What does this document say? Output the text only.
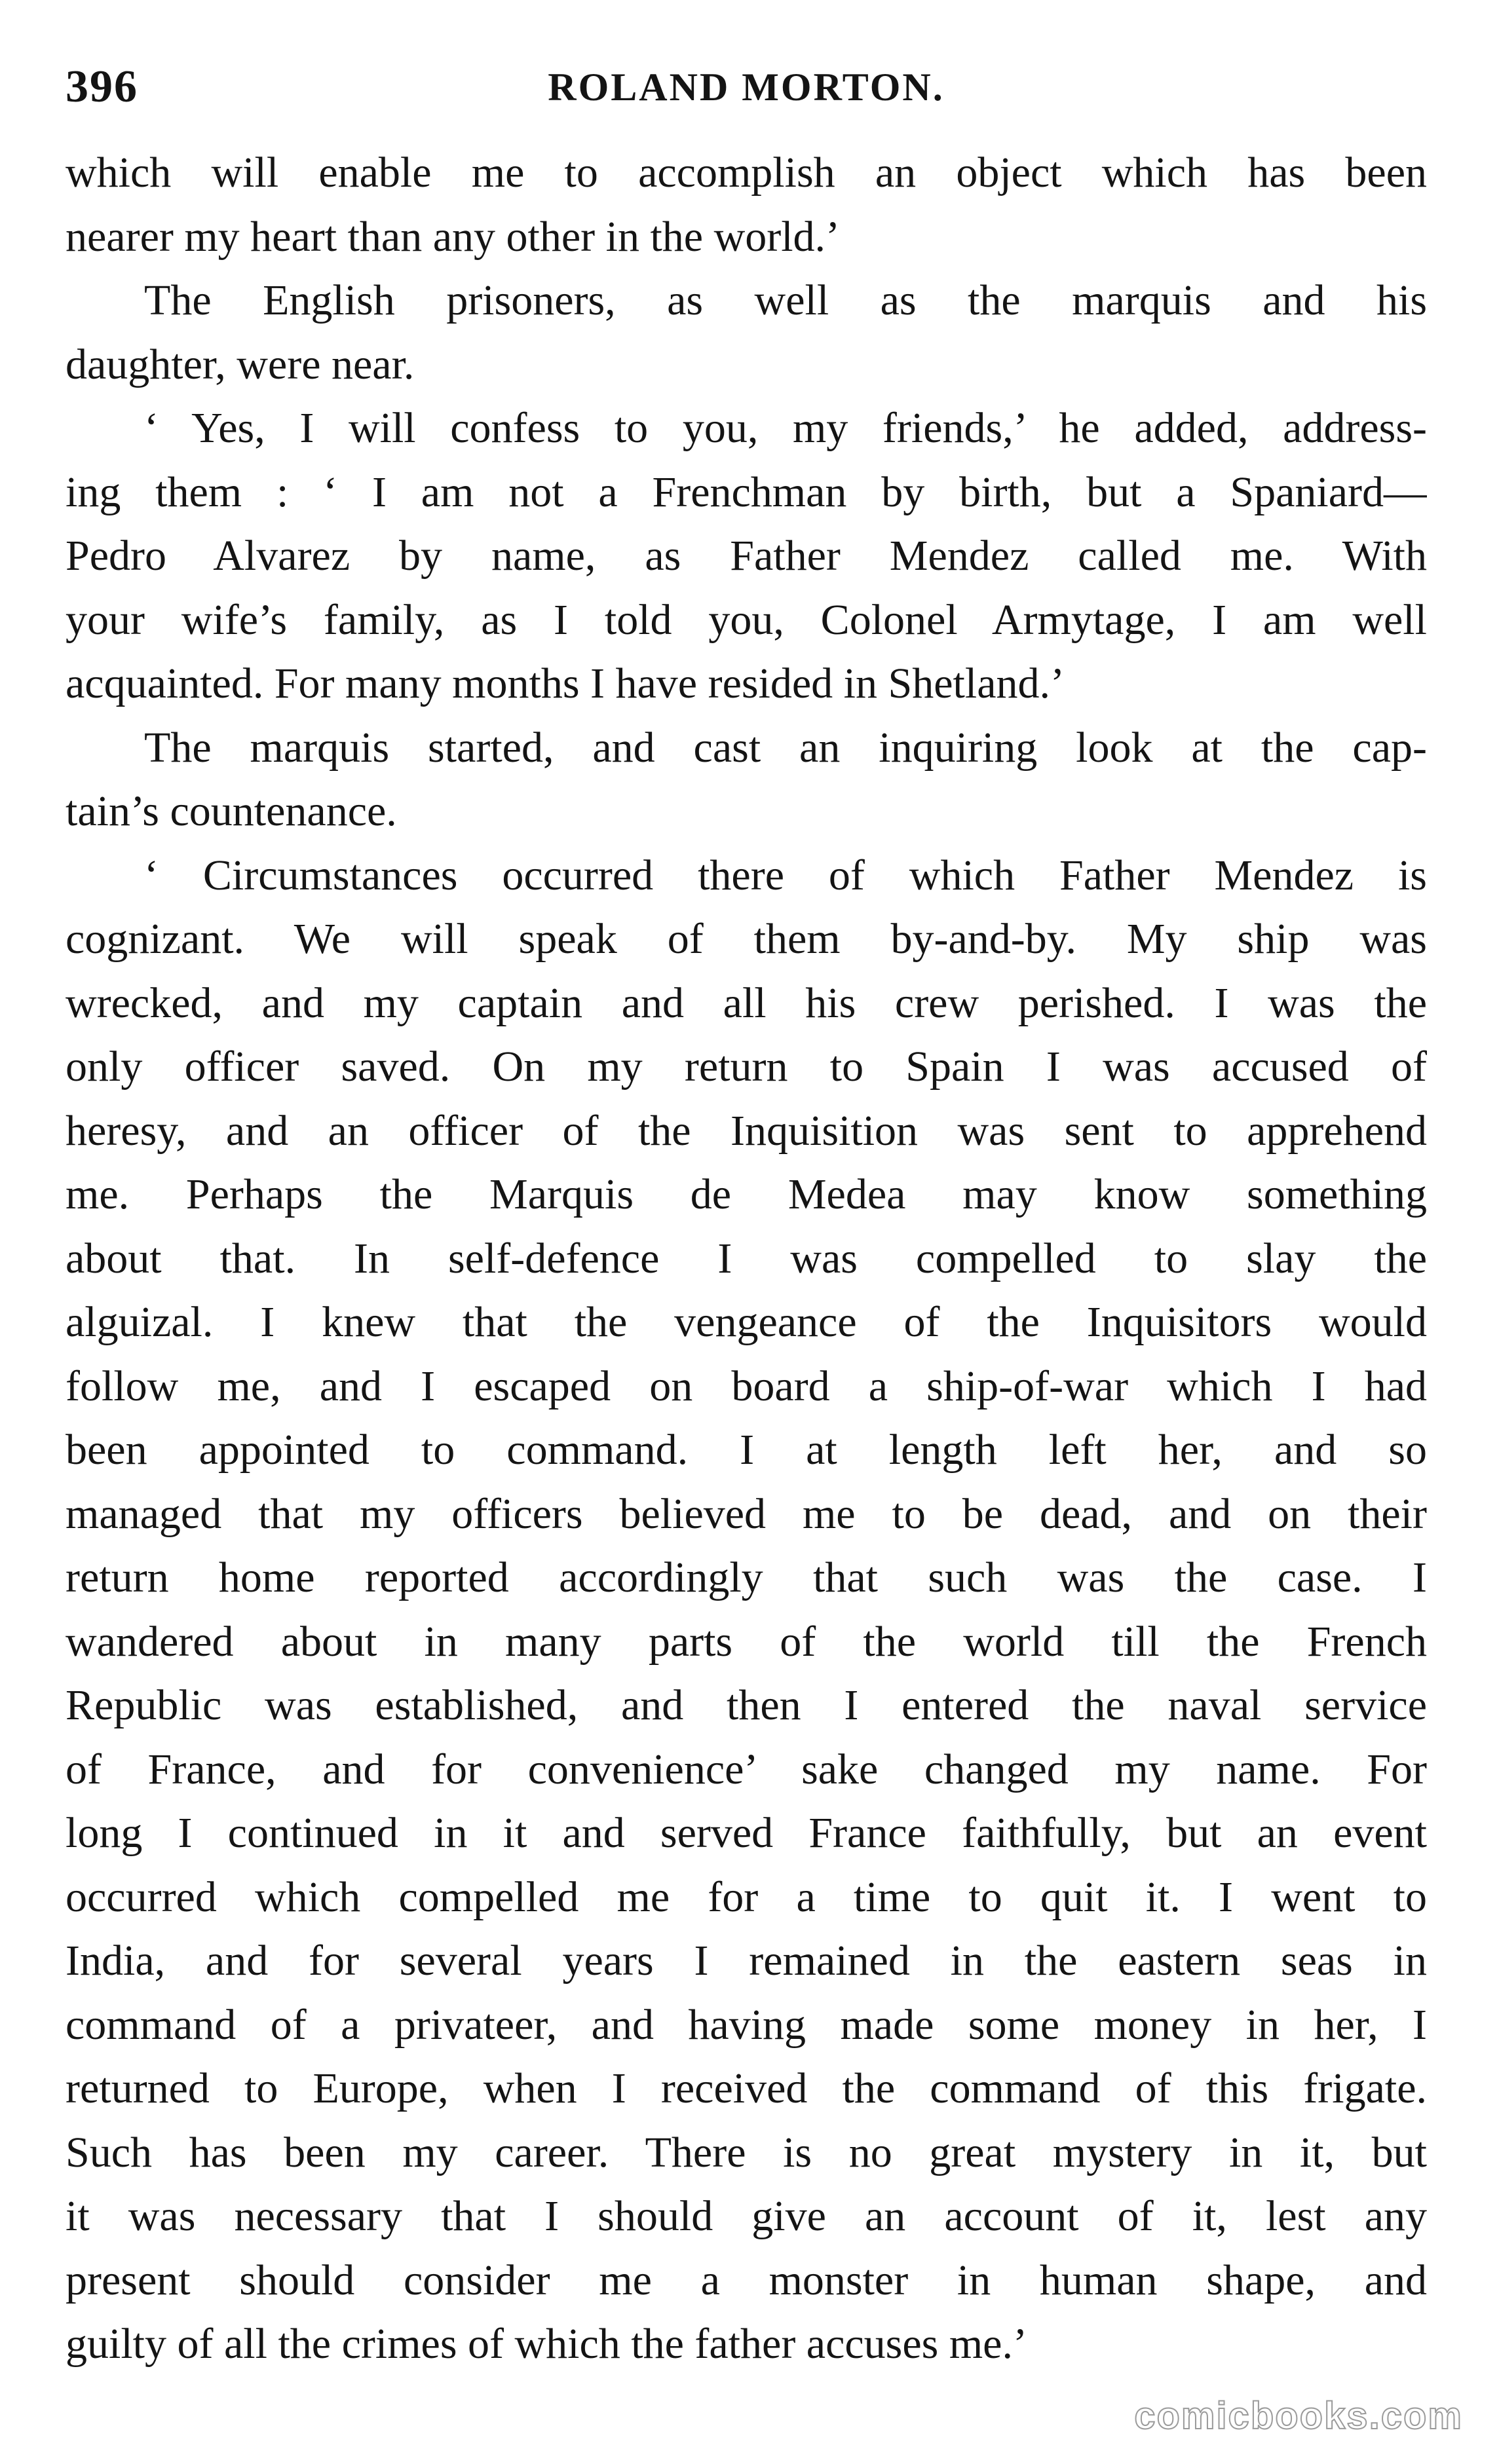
396	ROLAND MORTON.
which will enable me to accomplish an object which has been
nearer my heart than any other in the world.’
The English prisoners, as well as the marquis and his
daughter, were near.
‘ Yes, I will confess to you, my friends,’ he added, address-
ing them : ‘ I am not a Frenchman by birth, but a Spaniard—
Pedro Alvarez by name, as Father Mendez called me. With
your wife’s family, as I told you, Colonel Armytage, I am well
acquainted. For many months I have resided in Shetland.’
The marquis started, and cast an inquiring look at the cap-
tain’s countenance.
‘ Circumstances occurred there of which Father Mendez is
cognizant. We will speak of them by-and-by. My ship was
wrecked, and my captain and all his crew perished. I was the
only officer saved. On my return to Spain I was accused of
heresy, and an officer of the Inquisition was sent to apprehend
me. Perhaps the Marquis de Medea may know something
about that. In self-defence I was compelled to slay the
alguizal. I knew that the vengeance of the Inquisitors would
follow me, and I escaped on board a ship-of-war which I had
been appointed to command. I at length left her, and so
managed that my officers believed me to be dead, and on their
return home reported accordingly that such was the case. I
wandered about in many parts of the world till the French
Republic was established, and then I entered the naval service
of France, and for convenience’ sake changed my name. For
long I continued in it and served France faithfully, but an event
occurred which compelled me for a time to quit it. I went to
India, and for several years I remained in the eastern seas in
command of a privateer, and having made some money in her, I
returned to Europe, when I received the command of this frigate.
Such has been my career. There is no great mystery in it, but
it was necessary that I should give an account of it, lest any
present should consider me a monster in human shape, and
guilty of all the crimes of which the father accuses me.’
comicbooks.com
